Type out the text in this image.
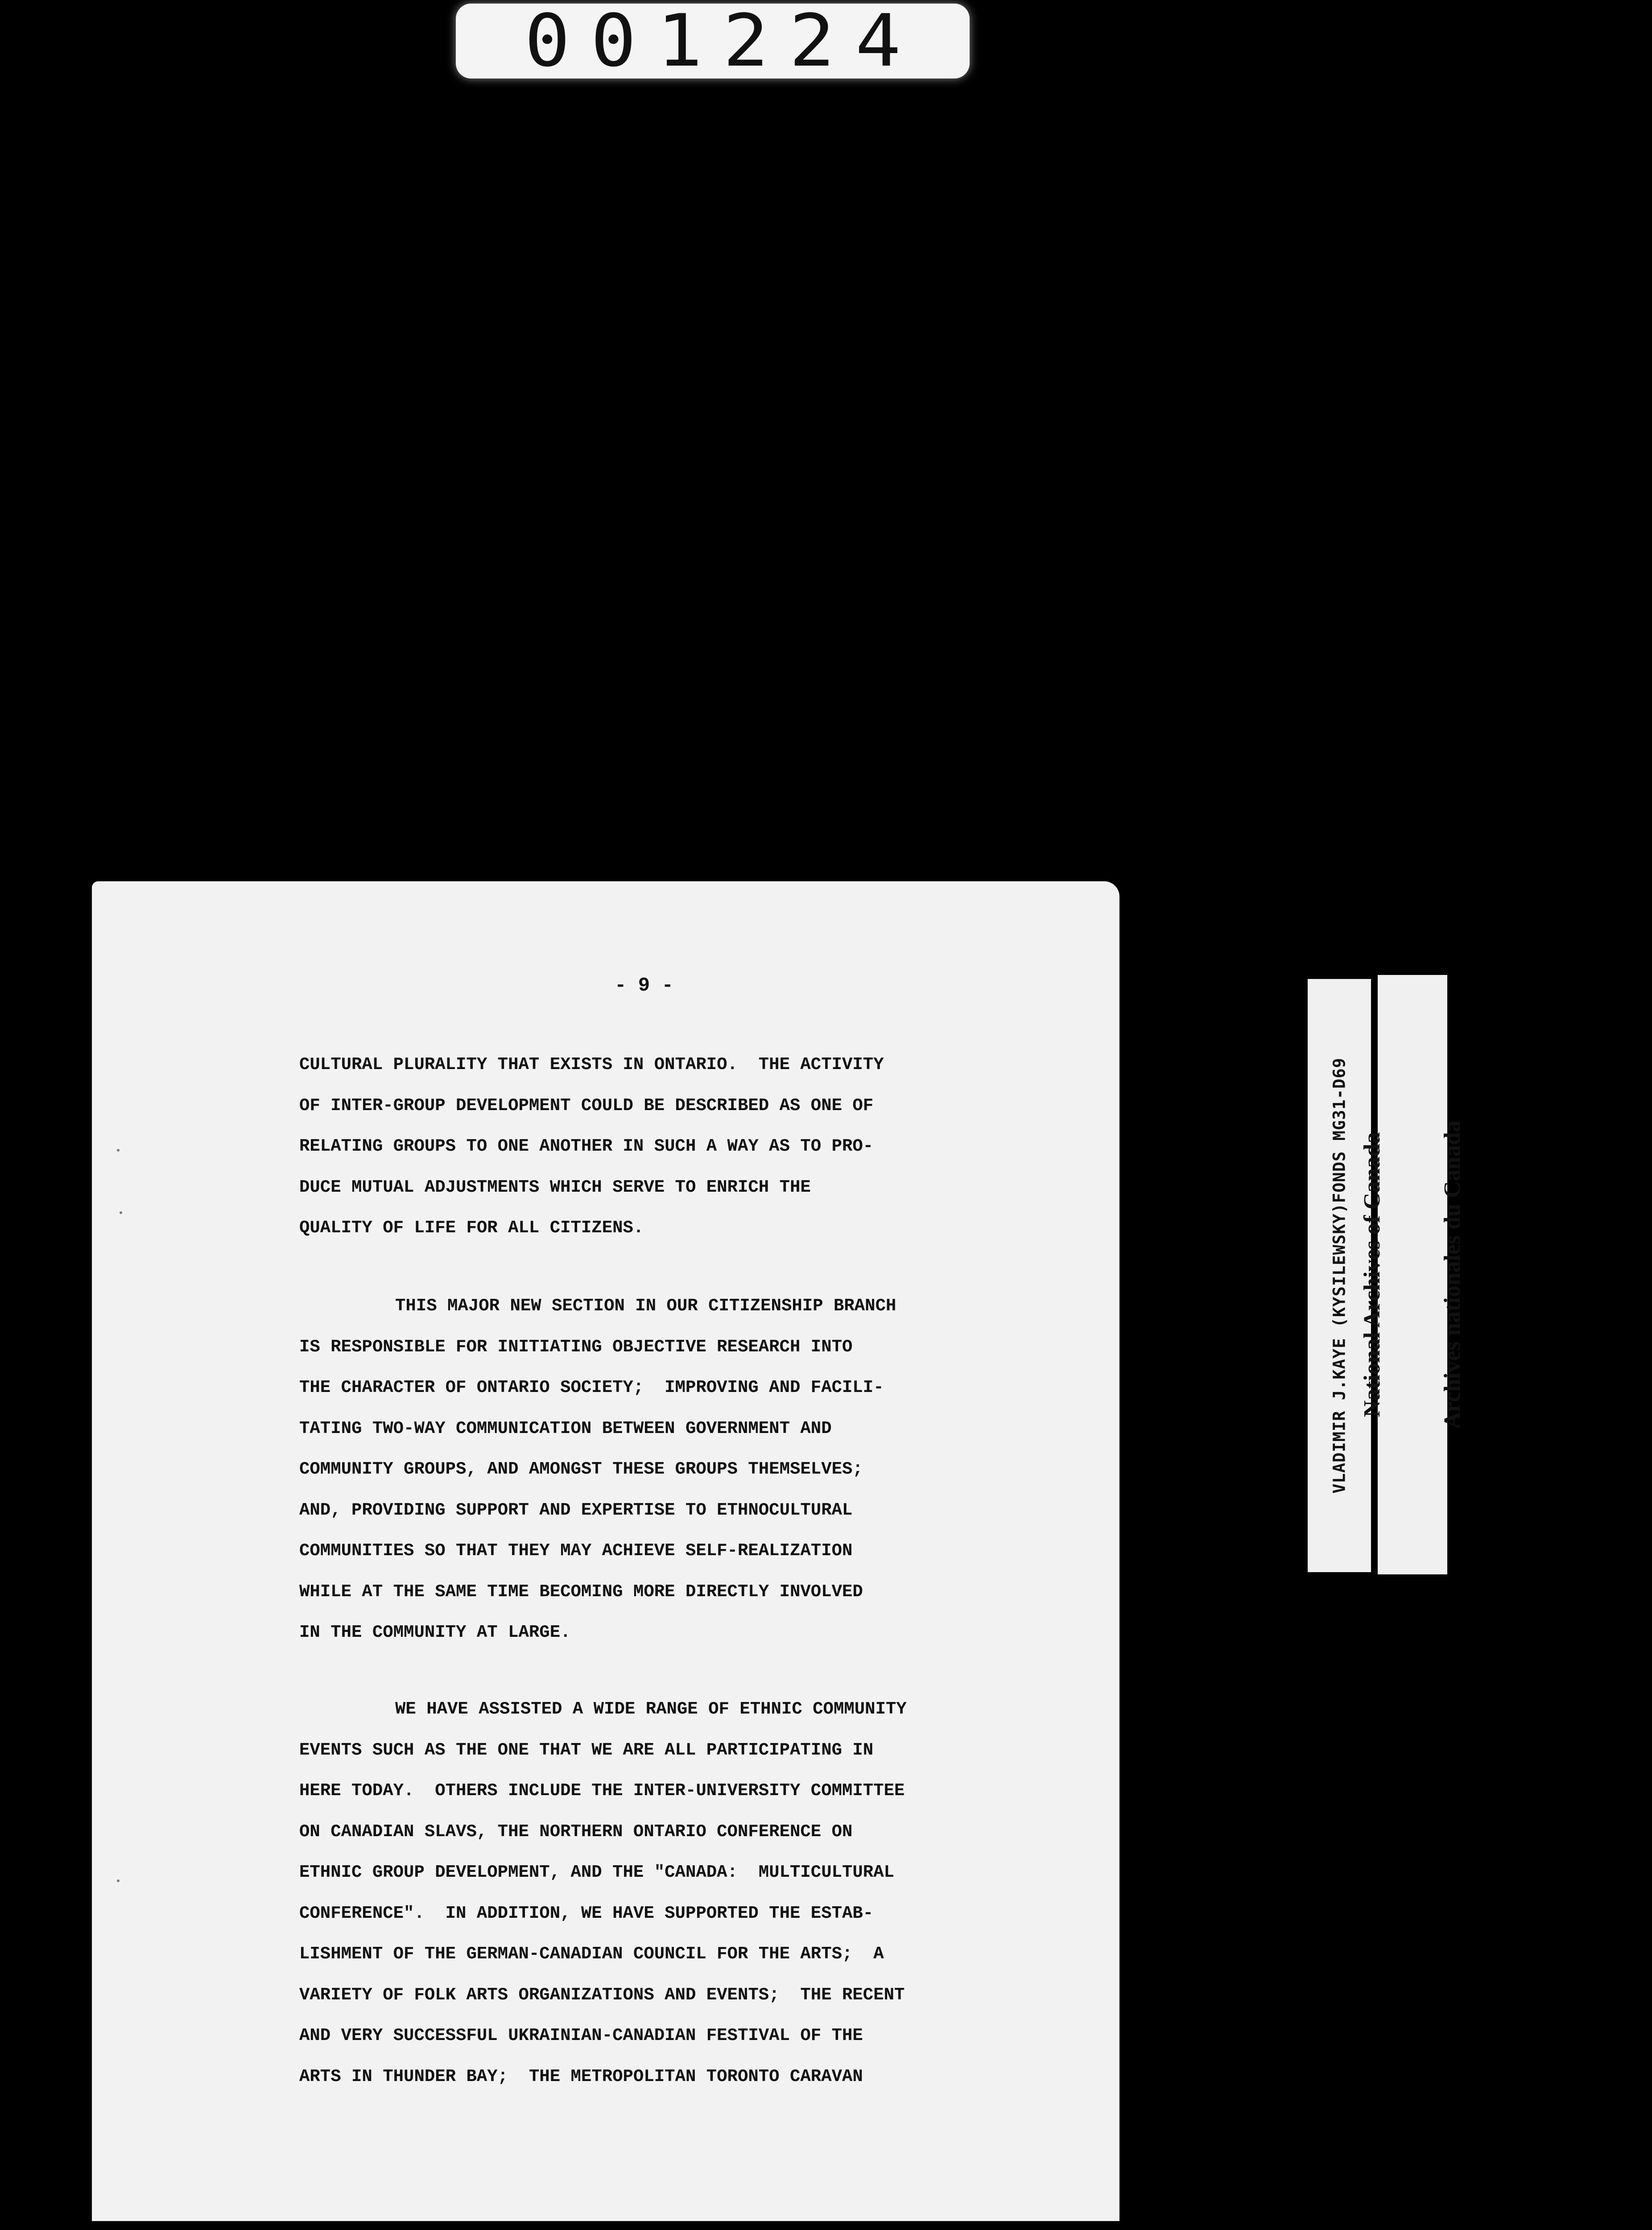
001224
- 9 -
CULTURAL PLURALITY THAT EXISTS IN ONTARIO.  THE ACTIVITY
OF INTER-GROUP DEVELOPMENT COULD BE DESCRIBED AS ONE OF
RELATING GROUPS TO ONE ANOTHER IN SUCH A WAY AS TO PRO-
DUCE MUTUAL ADJUSTMENTS WHICH SERVE TO ENRICH THE
QUALITY OF LIFE FOR ALL CITIZENS.
THIS MAJOR NEW SECTION IN OUR CITIZENSHIP BRANCH
IS RESPONSIBLE FOR INITIATING OBJECTIVE RESEARCH INTO
THE CHARACTER OF ONTARIO SOCIETY;  IMPROVING AND FACILI-
TATING TWO-WAY COMMUNICATION BETWEEN GOVERNMENT AND
COMMUNITY GROUPS, AND AMONGST THESE GROUPS THEMSELVES;
AND, PROVIDING SUPPORT AND EXPERTISE TO ETHNOCULTURAL
COMMUNITIES SO THAT THEY MAY ACHIEVE SELF-REALIZATION
WHILE AT THE SAME TIME BECOMING MORE DIRECTLY INVOLVED
IN THE COMMUNITY AT LARGE.
WE HAVE ASSISTED A WIDE RANGE OF ETHNIC COMMUNITY
EVENTS SUCH AS THE ONE THAT WE ARE ALL PARTICIPATING IN
HERE TODAY.  OTHERS INCLUDE THE INTER-UNIVERSITY COMMITTEE
ON CANADIAN SLAVS, THE NORTHERN ONTARIO CONFERENCE ON
ETHNIC GROUP DEVELOPMENT, AND THE "CANADA:  MULTICULTURAL
CONFERENCE".  IN ADDITION, WE HAVE SUPPORTED THE ESTAB-
LISHMENT OF THE GERMAN-CANADIAN COUNCIL FOR THE ARTS;  A
VARIETY OF FOLK ARTS ORGANIZATIONS AND EVENTS;  THE RECENT
AND VERY SUCCESSFUL UKRAINIAN-CANADIAN FESTIVAL OF THE
ARTS IN THUNDER BAY;  THE METROPOLITAN TORONTO CARAVAN
VLADIMIR J.KAYE (KYSILEWSKY)FONDS MG31-D69

National Archives of Canada

Archives nationales du Canada
